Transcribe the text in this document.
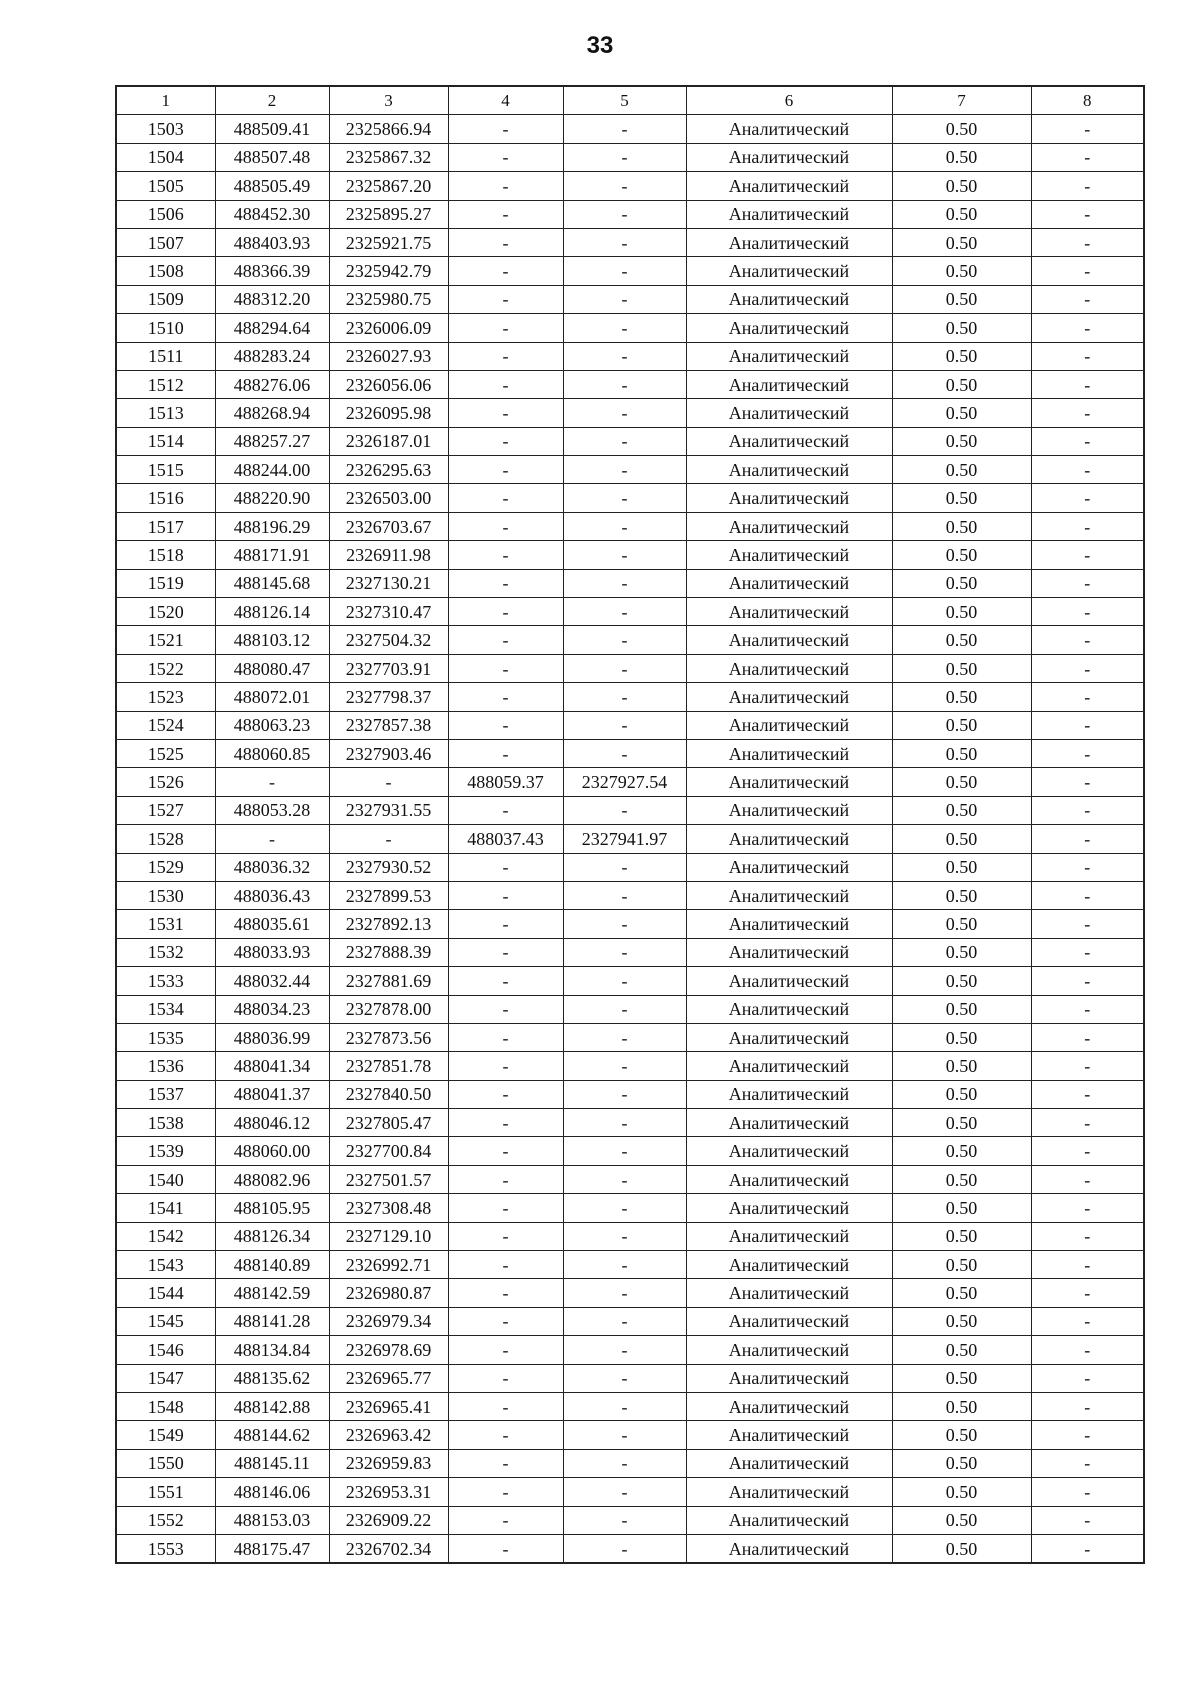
33
1	2	3	4	5	6	7	8
1503	488509.41	2325866.94	-	-	Аналитический	0.50	-
1504	488507.48	2325867.32	-	-	Аналитический	0.50	-
1505	488505.49	2325867.20	-	-	Аналитический	0.50	-
1506	488452.30	2325895.27	-	-	Аналитический	0.50	-
1507	488403.93	2325921.75	-	-	Аналитический	0.50	-
1508	488366.39	2325942.79	-	-	Аналитический	0.50	-
1509	488312.20	2325980.75	-	-	Аналитический	0.50	-
1510	488294.64	2326006.09	-	-	Аналитический	0.50	-
1511	488283.24	2326027.93	-	-	Аналитический	0.50	-
1512	488276.06	2326056.06	-	-	Аналитический	0.50	-
1513	488268.94	2326095.98	-	-	Аналитический	0.50	-
1514	488257.27	2326187.01	-	-	Аналитический	0.50	-
1515	488244.00	2326295.63	-	-	Аналитический	0.50	-
1516	488220.90	2326503.00	-	-	Аналитический	0.50	-
1517	488196.29	2326703.67	-	-	Аналитический	0.50	-
1518	488171.91	2326911.98	-	-	Аналитический	0.50	-
1519	488145.68	2327130.21	-	-	Аналитический	0.50	-
1520	488126.14	2327310.47	-	-	Аналитический	0.50	-
1521	488103.12	2327504.32	-	-	Аналитический	0.50	-
1522	488080.47	2327703.91	-	-	Аналитический	0.50	-
1523	488072.01	2327798.37	-	-	Аналитический	0.50	-
1524	488063.23	2327857.38	-	-	Аналитический	0.50	-
1525	488060.85	2327903.46	-	-	Аналитический	0.50	-
1526	-	-	488059.37	2327927.54	Аналитический	0.50	-
1527	488053.28	2327931.55	-	-	Аналитический	0.50	-
1528	-	-	488037.43	2327941.97	Аналитический	0.50	-
1529	488036.32	2327930.52	-	-	Аналитический	0.50	-
1530	488036.43	2327899.53	-	-	Аналитический	0.50	-
1531	488035.61	2327892.13	-	-	Аналитический	0.50	-
1532	488033.93	2327888.39	-	-	Аналитический	0.50	-
1533	488032.44	2327881.69	-	-	Аналитический	0.50	-
1534	488034.23	2327878.00	-	-	Аналитический	0.50	-
1535	488036.99	2327873.56	-	-	Аналитический	0.50	-
1536	488041.34	2327851.78	-	-	Аналитический	0.50	-
1537	488041.37	2327840.50	-	-	Аналитический	0.50	-
1538	488046.12	2327805.47	-	-	Аналитический	0.50	-
1539	488060.00	2327700.84	-	-	Аналитический	0.50	-
1540	488082.96	2327501.57	-	-	Аналитический	0.50	-
1541	488105.95	2327308.48	-	-	Аналитический	0.50	-
1542	488126.34	2327129.10	-	-	Аналитический	0.50	-
1543	488140.89	2326992.71	-	-	Аналитический	0.50	-
1544	488142.59	2326980.87	-	-	Аналитический	0.50	-
1545	488141.28	2326979.34	-	-	Аналитический	0.50	-
1546	488134.84	2326978.69	-	-	Аналитический	0.50	-
1547	488135.62	2326965.77	-	-	Аналитический	0.50	-
1548	488142.88	2326965.41	-	-	Аналитический	0.50	-
1549	488144.62	2326963.42	-	-	Аналитический	0.50	-
1550	488145.11	2326959.83	-	-	Аналитический	0.50	-
1551	488146.06	2326953.31	-	-	Аналитический	0.50	-
1552	488153.03	2326909.22	-	-	Аналитический	0.50	-
1553	488175.47	2326702.34	-	-	Аналитический	0.50	-
